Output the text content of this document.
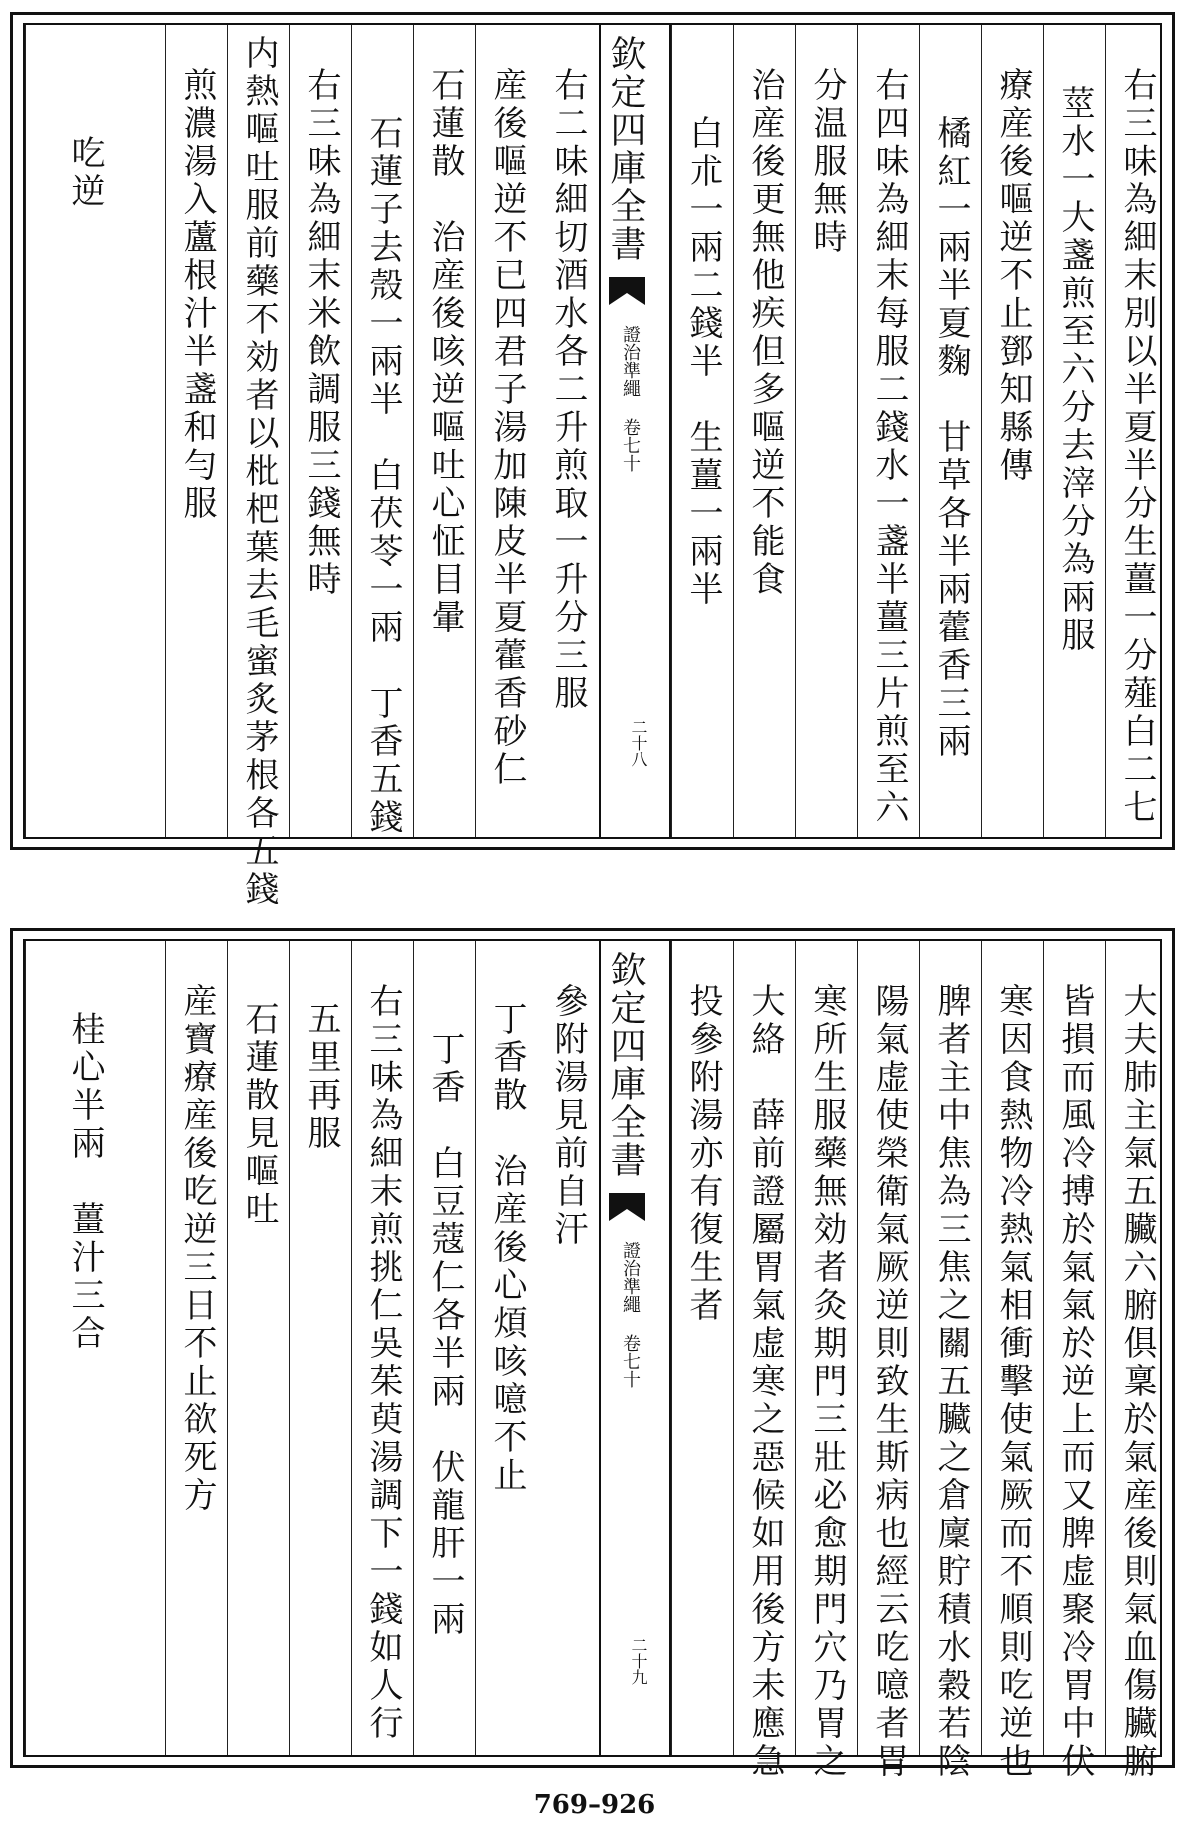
右三味為細末別以半夏半分生薑一分薤白二七
莖水一大盞煎至六分去滓分為兩服
療産後嘔逆不止鄧知縣傳
橘紅一兩半夏麴　甘草各半兩藿香三兩
右四味為細末每服二錢水一盞半薑三片煎至六
分温服無時
治産後更無他疾但多嘔逆不能食
白朮一兩二錢半　生薑一兩半
欽定四庫全書
證治準繩 卷七十
二十八
右二味細切酒水各二升煎取一升分三服
産後嘔逆不已四君子湯加陳皮半夏藿香砂仁
石蓮散　治産後咳逆嘔吐心怔目暈
石蓮子去殼一兩半　白茯苓一兩　丁香五錢
右三味為細末米飲調服三錢無時
内熱嘔吐服前藥不効者以枇杷葉去毛蜜炙茅根各五錢
煎濃湯入蘆根汁半盞和勻服
吃逆
大夫肺主氣五臟六腑俱稟於氣産後則氣血傷臟腑
皆損而風冷搏於氣氣於逆上而又脾虚聚冷胃中伏
寒因食熱物冷熱氣相衝擊使氣厥而不順則吃逆也
脾者主中焦為三焦之關五臟之倉廩貯積水穀若陰
陽氣虚使榮衛氣厥逆則致生斯病也經云吃噫者胃
寒所生服藥無効者灸期門三壯必愈期門穴乃胃之
大絡　薛前證屬胃氣虚寒之惡候如用後方未應急
投參附湯亦有復生者
欽定四庫全書
證治準繩 卷七十
二十九
參附湯見前自汗
丁香散　治産後心煩咳噫不止
丁香　白豆蔻仁各半兩　伏龍肝一兩
右三味為細末煎挑仁吳茱萸湯調下一錢如人行
五里再服
石蓮散見嘔吐
産寶療産後吃逆三日不止欲死方
桂心半兩　薑汁三合
769–926
